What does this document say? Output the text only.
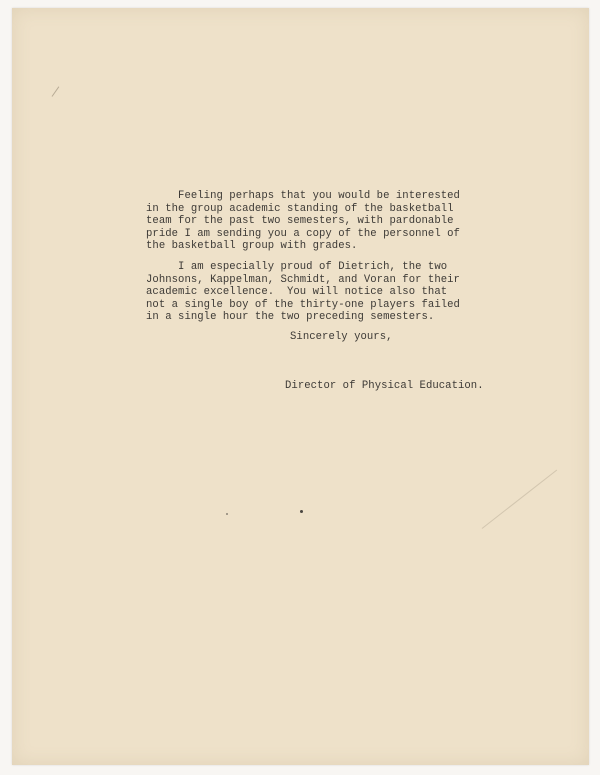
Feeling perhaps that you would be interested
in the group academic standing of the basketball
team for the past two semesters, with pardonable
pride I am sending you a copy of the personnel of
the basketball group with grades.

I am especially proud of Dietrich, the two
Johnsons, Kappelman, Schmidt, and Voran for their
academic excellence.  You will notice also that
not a single boy of the thirty-one players failed
in a single hour the two preceding semesters.
Sincerely yours,
Director of Physical Education.
